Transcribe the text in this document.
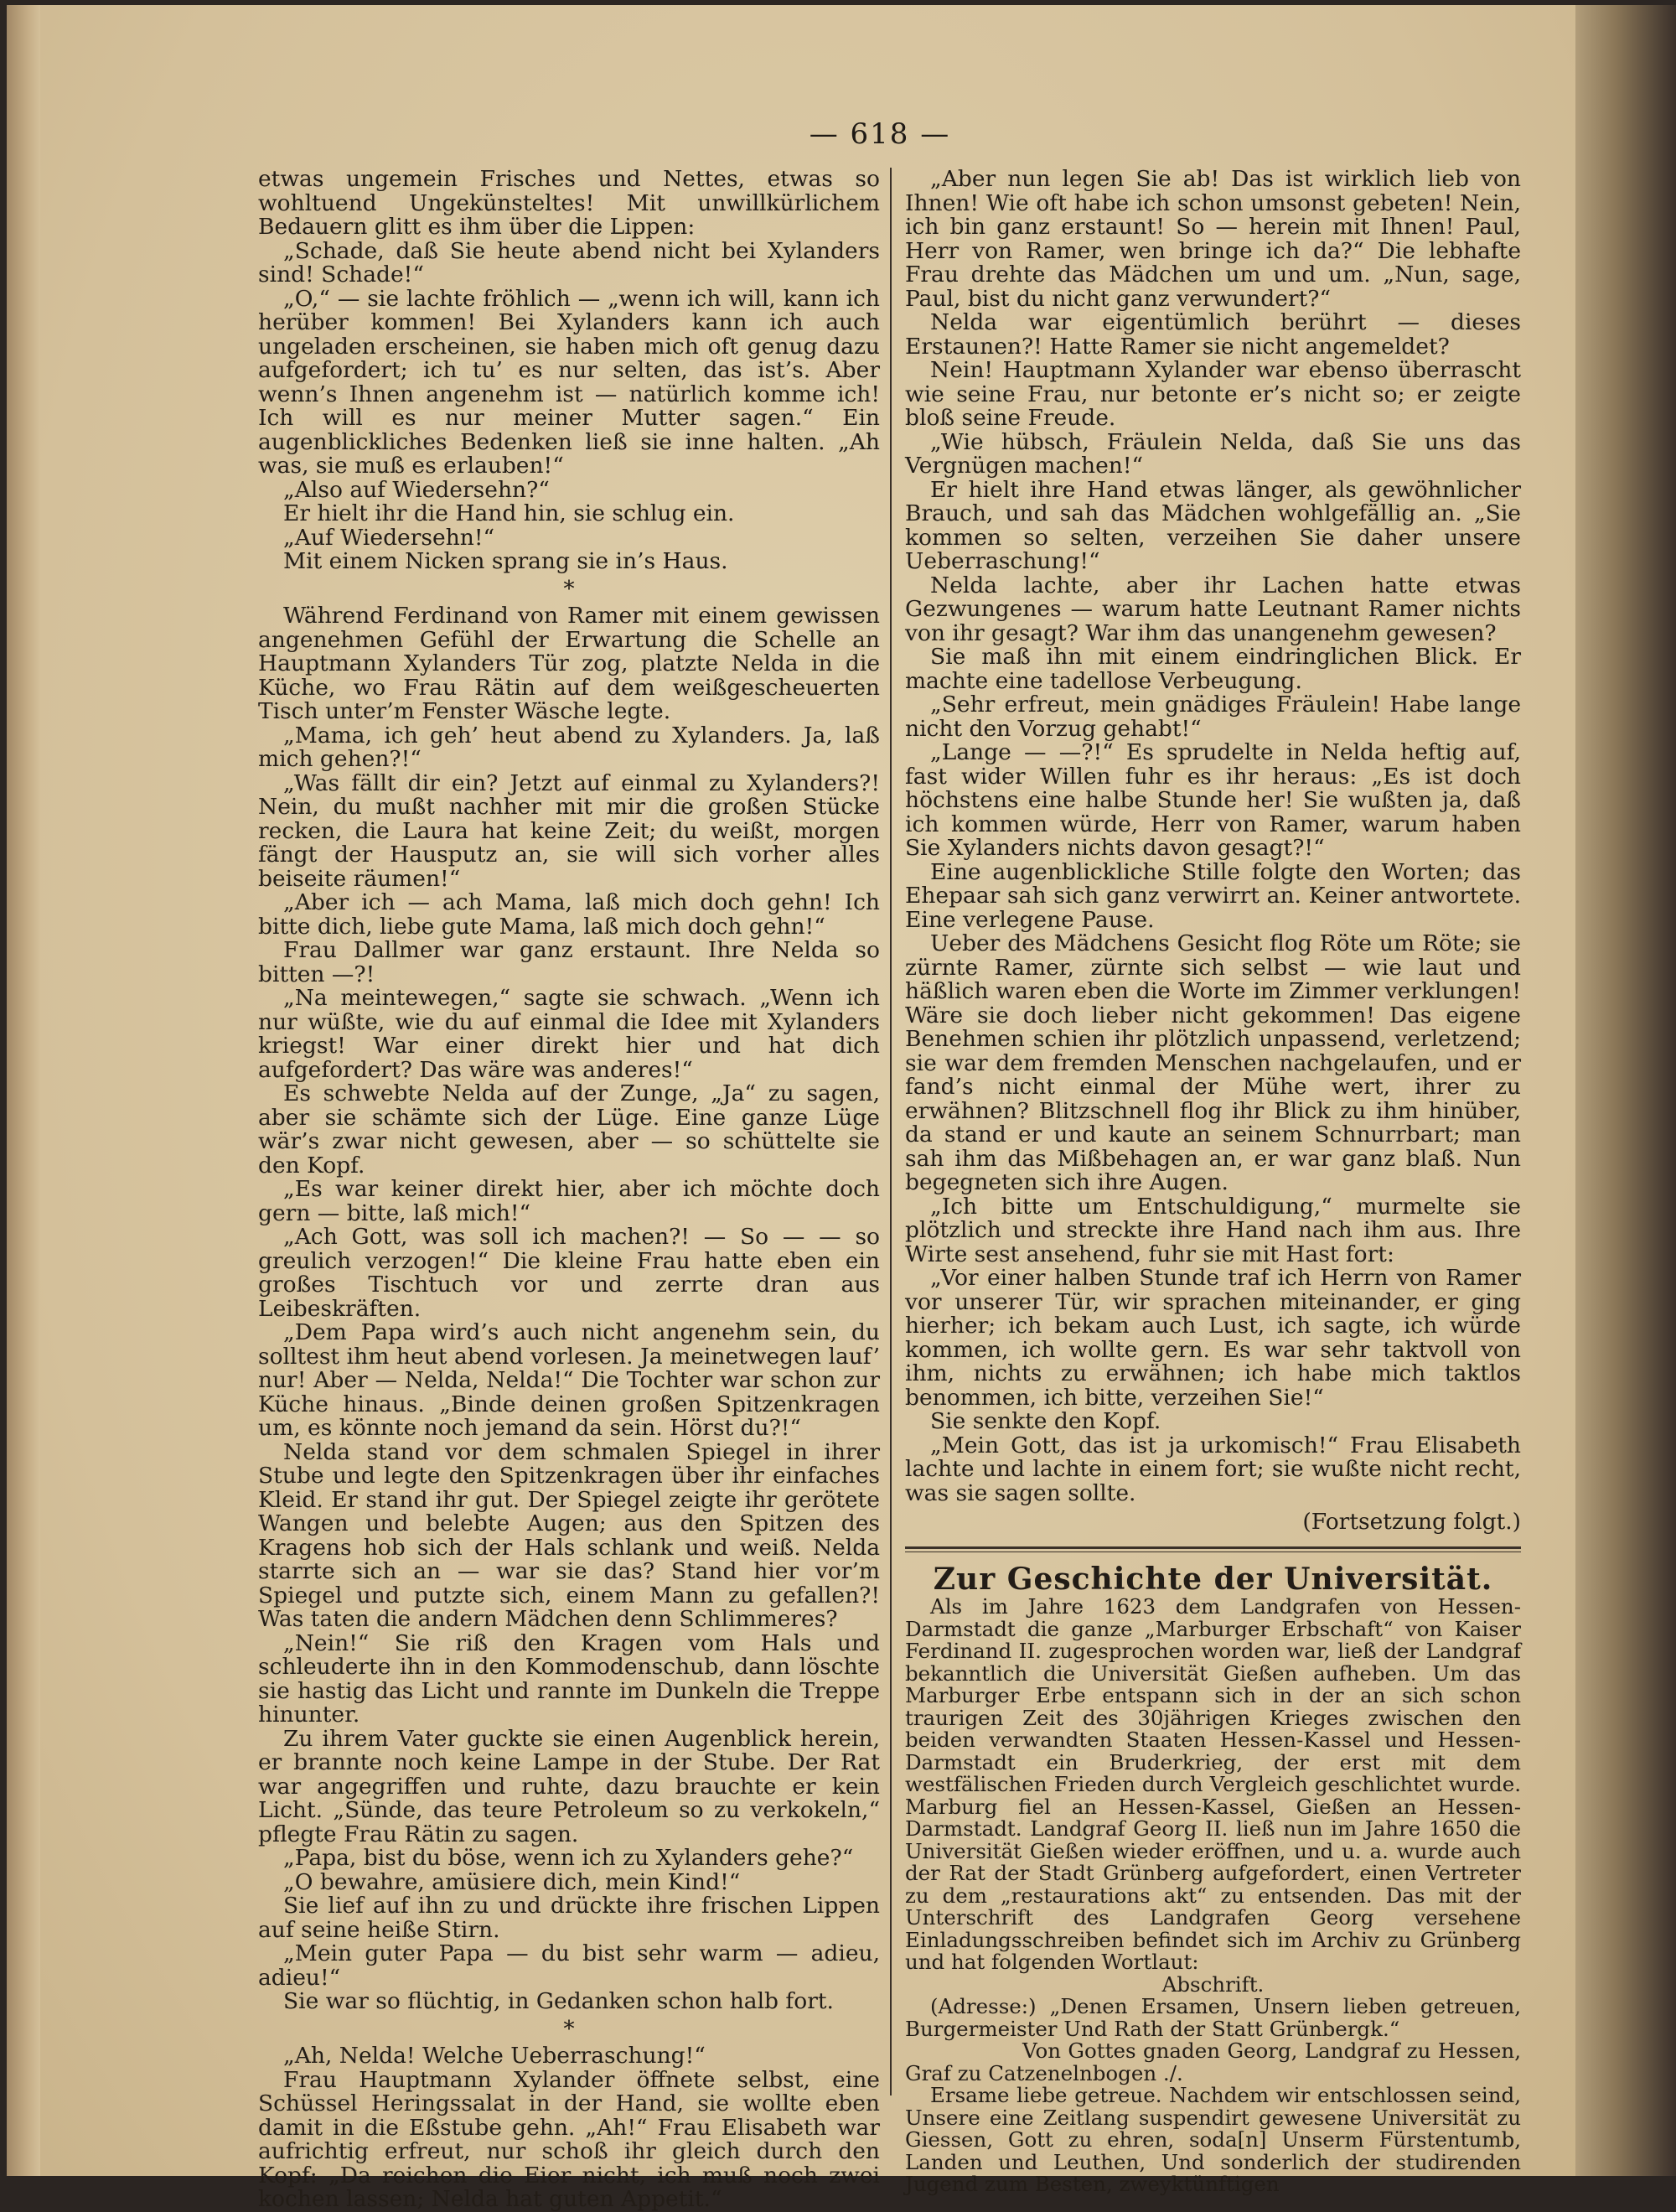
— 618 —

etwas ungemein Frisches und Nettes, etwas so wohltuend Ungekünsteltes! Mit unwillkürlichem Bedauern glitt es ihm über die Lippen:

„Schade, daß Sie heute abend nicht bei Xylanders sind! Schade!“

„O,“ — sie lachte fröhlich — „wenn ich will, kann ich herüber kommen! Bei Xylanders kann ich auch ungeladen erscheinen, sie haben mich oft genug dazu aufgefordert; ich tu’ es nur selten, das ist’s. Aber wenn’s Ihnen angenehm ist — natürlich komme ich! Ich will es nur meiner Mutter sagen.“ Ein augenblickliches Bedenken ließ sie inne halten. „Ah was, sie muß es erlauben!“

„Also auf Wiedersehn?“

Er hielt ihr die Hand hin, sie schlug ein.

„Auf Wiedersehn!“

Mit einem Nicken sprang sie in’s Haus.

*

Während Ferdinand von Ramer mit einem gewissen angenehmen Gefühl der Erwartung die Schelle an Hauptmann Xylanders Tür zog, platzte Nelda in die Küche, wo Frau Rätin auf dem weißgescheuerten Tisch unter’m Fenster Wäsche legte.

„Mama, ich geh’ heut abend zu Xylanders. Ja, laß mich gehen?!“

„Was fällt dir ein? Jetzt auf einmal zu Xylanders?! Nein, du mußt nachher mit mir die großen Stücke recken, die Laura hat keine Zeit; du weißt, morgen fängt der Hausputz an, sie will sich vorher alles beiseite räumen!“

„Aber ich — ach Mama, laß mich doch gehn! Ich bitte dich, liebe gute Mama, laß mich doch gehn!“

Frau Dallmer war ganz erstaunt. Ihre Nelda so bitten —?!

„Na meintewegen,“ sagte sie schwach. „Wenn ich nur wüßte, wie du auf einmal die Idee mit Xylanders kriegst! War einer direkt hier und hat dich aufgefordert? Das wäre was anderes!“

Es schwebte Nelda auf der Zunge, „Ja“ zu sagen, aber sie schämte sich der Lüge. Eine ganze Lüge wär’s zwar nicht gewesen, aber — so schüttelte sie den Kopf.

„Es war keiner direkt hier, aber ich möchte doch gern — bitte, laß mich!“

„Ach Gott, was soll ich machen?! — So — — so greulich verzogen!“ Die kleine Frau hatte eben ein großes Tischtuch vor und zerrte dran aus Leibeskräften.

„Dem Papa wird’s auch nicht angenehm sein, du solltest ihm heut abend vorlesen. Ja meinetwegen lauf’ nur! Aber — Nelda, Nelda!“ Die Tochter war schon zur Küche hinaus. „Binde deinen großen Spitzenkragen um, es könnte noch jemand da sein. Hörst du?!“

Nelda stand vor dem schmalen Spiegel in ihrer Stube und legte den Spitzenkragen über ihr einfaches Kleid. Er stand ihr gut. Der Spiegel zeigte ihr gerötete Wangen und belebte Augen; aus den Spitzen des Kragens hob sich der Hals schlank und weiß. Nelda starrte sich an — war sie das? Stand hier vor’m Spiegel und putzte sich, einem Mann zu gefallen?! Was taten die andern Mädchen denn Schlimmeres?

„Nein!“ Sie riß den Kragen vom Hals und schleuderte ihn in den Kommodenschub, dann löschte sie hastig das Licht und rannte im Dunkeln die Treppe hinunter.

Zu ihrem Vater guckte sie einen Augenblick herein, er brannte noch keine Lampe in der Stube. Der Rat war angegriffen und ruhte, dazu brauchte er kein Licht. „Sünde, das teure Petroleum so zu verkokeln,“ pflegte Frau Rätin zu sagen.

„Papa, bist du böse, wenn ich zu Xylanders gehe?“

„O bewahre, amüsiere dich, mein Kind!“

Sie lief auf ihn zu und drückte ihre frischen Lippen auf seine heiße Stirn.

„Mein guter Papa — du bist sehr warm — adieu, adieu!“

Sie war so flüchtig, in Gedanken schon halb fort.

*

„Ah, Nelda! Welche Ueberraschung!“

Frau Hauptmann Xylander öffnete selbst, eine Schüssel Heringssalat in der Hand, sie wollte eben damit in die Eßstube gehn. „Ah!“ Frau Elisabeth war aufrichtig erfreut, nur schoß ihr gleich durch den Kopf: „Da reichen die Eier nicht, ich muß noch zwei kochen lassen; Nelda hat guten Appetit.“

„Aber nun legen Sie ab! Das ist wirklich lieb von Ihnen! Wie oft habe ich schon umsonst gebeten! Nein, ich bin ganz erstaunt! So — herein mit Ihnen! Paul, Herr von Ramer, wen bringe ich da?“ Die lebhafte Frau drehte das Mädchen um und um. „Nun, sage, Paul, bist du nicht ganz verwundert?“

Nelda war eigentümlich berührt — dieses Erstaunen?! Hatte Ramer sie nicht angemeldet?

Nein! Hauptmann Xylander war ebenso überrascht wie seine Frau, nur betonte er’s nicht so; er zeigte bloß seine Freude.

„Wie hübsch, Fräulein Nelda, daß Sie uns das Vergnügen machen!“

Er hielt ihre Hand etwas länger, als gewöhnlicher Brauch, und sah das Mädchen wohlgefällig an. „Sie kommen so selten, verzeihen Sie daher unsere Ueberraschung!“

Nelda lachte, aber ihr Lachen hatte etwas Gezwungenes — warum hatte Leutnant Ramer nichts von ihr gesagt? War ihm das unangenehm gewesen?

Sie maß ihn mit einem eindringlichen Blick. Er machte eine tadellose Verbeugung.

„Sehr erfreut, mein gnädiges Fräulein! Habe lange nicht den Vorzug gehabt!“

„Lange — —?!“ Es sprudelte in Nelda heftig auf, fast wider Willen fuhr es ihr heraus: „Es ist doch höchstens eine halbe Stunde her! Sie wußten ja, daß ich kommen würde, Herr von Ramer, warum haben Sie Xylanders nichts davon gesagt?!“

Eine augenblickliche Stille folgte den Worten; das Ehepaar sah sich ganz verwirrt an. Keiner antwortete. Eine verlegene Pause.

Ueber des Mädchens Gesicht flog Röte um Röte; sie zürnte Ramer, zürnte sich selbst — wie laut und häßlich waren eben die Worte im Zimmer verklungen! Wäre sie doch lieber nicht gekommen! Das eigene Benehmen schien ihr plötzlich unpassend, verletzend; sie war dem fremden Menschen nachgelaufen, und er fand’s nicht einmal der Mühe wert, ihrer zu erwähnen? Blitzschnell flog ihr Blick zu ihm hinüber, da stand er und kaute an seinem Schnurrbart; man sah ihm das Mißbehagen an, er war ganz blaß. Nun begegneten sich ihre Augen.

„Ich bitte um Entschuldigung,“ murmelte sie plötzlich und streckte ihre Hand nach ihm aus. Ihre Wirte sest ansehend, fuhr sie mit Hast fort:

„Vor einer halben Stunde traf ich Herrn von Ramer vor unserer Tür, wir sprachen miteinander, er ging hierher; ich bekam auch Lust, ich sagte, ich würde kommen, ich wollte gern. Es war sehr taktvoll von ihm, nichts zu erwähnen; ich habe mich taktlos benommen, ich bitte, verzeihen Sie!“

Sie senkte den Kopf.

„Mein Gott, das ist ja urkomisch!“ Frau Elisabeth lachte und lachte in einem fort; sie wußte nicht recht, was sie sagen sollte.

(Fortsetzung folgt.)

Zur Geschichte der Universität.

Als im Jahre 1623 dem Landgrafen von Hessen-Darmstadt die ganze „Marburger Erbschaft“ von Kaiser Ferdinand II. zugesprochen worden war, ließ der Landgraf bekanntlich die Universität Gießen aufheben. Um das Marburger Erbe entspann sich in der an sich schon traurigen Zeit des 30jährigen Krieges zwischen den beiden verwandten Staaten Hessen-Kassel und Hessen-Darmstadt ein Bruderkrieg, der erst mit dem westfälischen Frieden durch Vergleich geschlichtet wurde. Marburg fiel an Hessen-Kassel, Gießen an Hessen-Darmstadt. Landgraf Georg II. ließ nun im Jahre 1650 die Universität Gießen wieder eröffnen, und u. a. wurde auch der Rat der Stadt Grünberg aufgefordert, einen Vertreter zu dem „restaurations akt“ zu entsenden. Das mit der Unterschrift des Landgrafen Georg versehene Einladungsschreiben befindet sich im Archiv zu Grünberg und hat folgenden Wortlaut:

Abschrift.

(Adresse:) „Denen Ersamen, Unsern lieben getreuen, Burgermeister Und Rath der Statt Grünbergk.“

Von Gottes gnaden Georg, Landgraf zu Hessen, Graf zu Catzenelnbogen ./.

Ersame liebe getreue. Nachdem wir entschlossen seind, Unsere eine Zeitlang suspendirt gewesene Universität zu Giessen, Gott zu ehren, soda[n] Unserm Fürstentumb, Landen und Leuthen, Und sonderlich der studirenden Jugend zum Besten, zweyktünftigen
